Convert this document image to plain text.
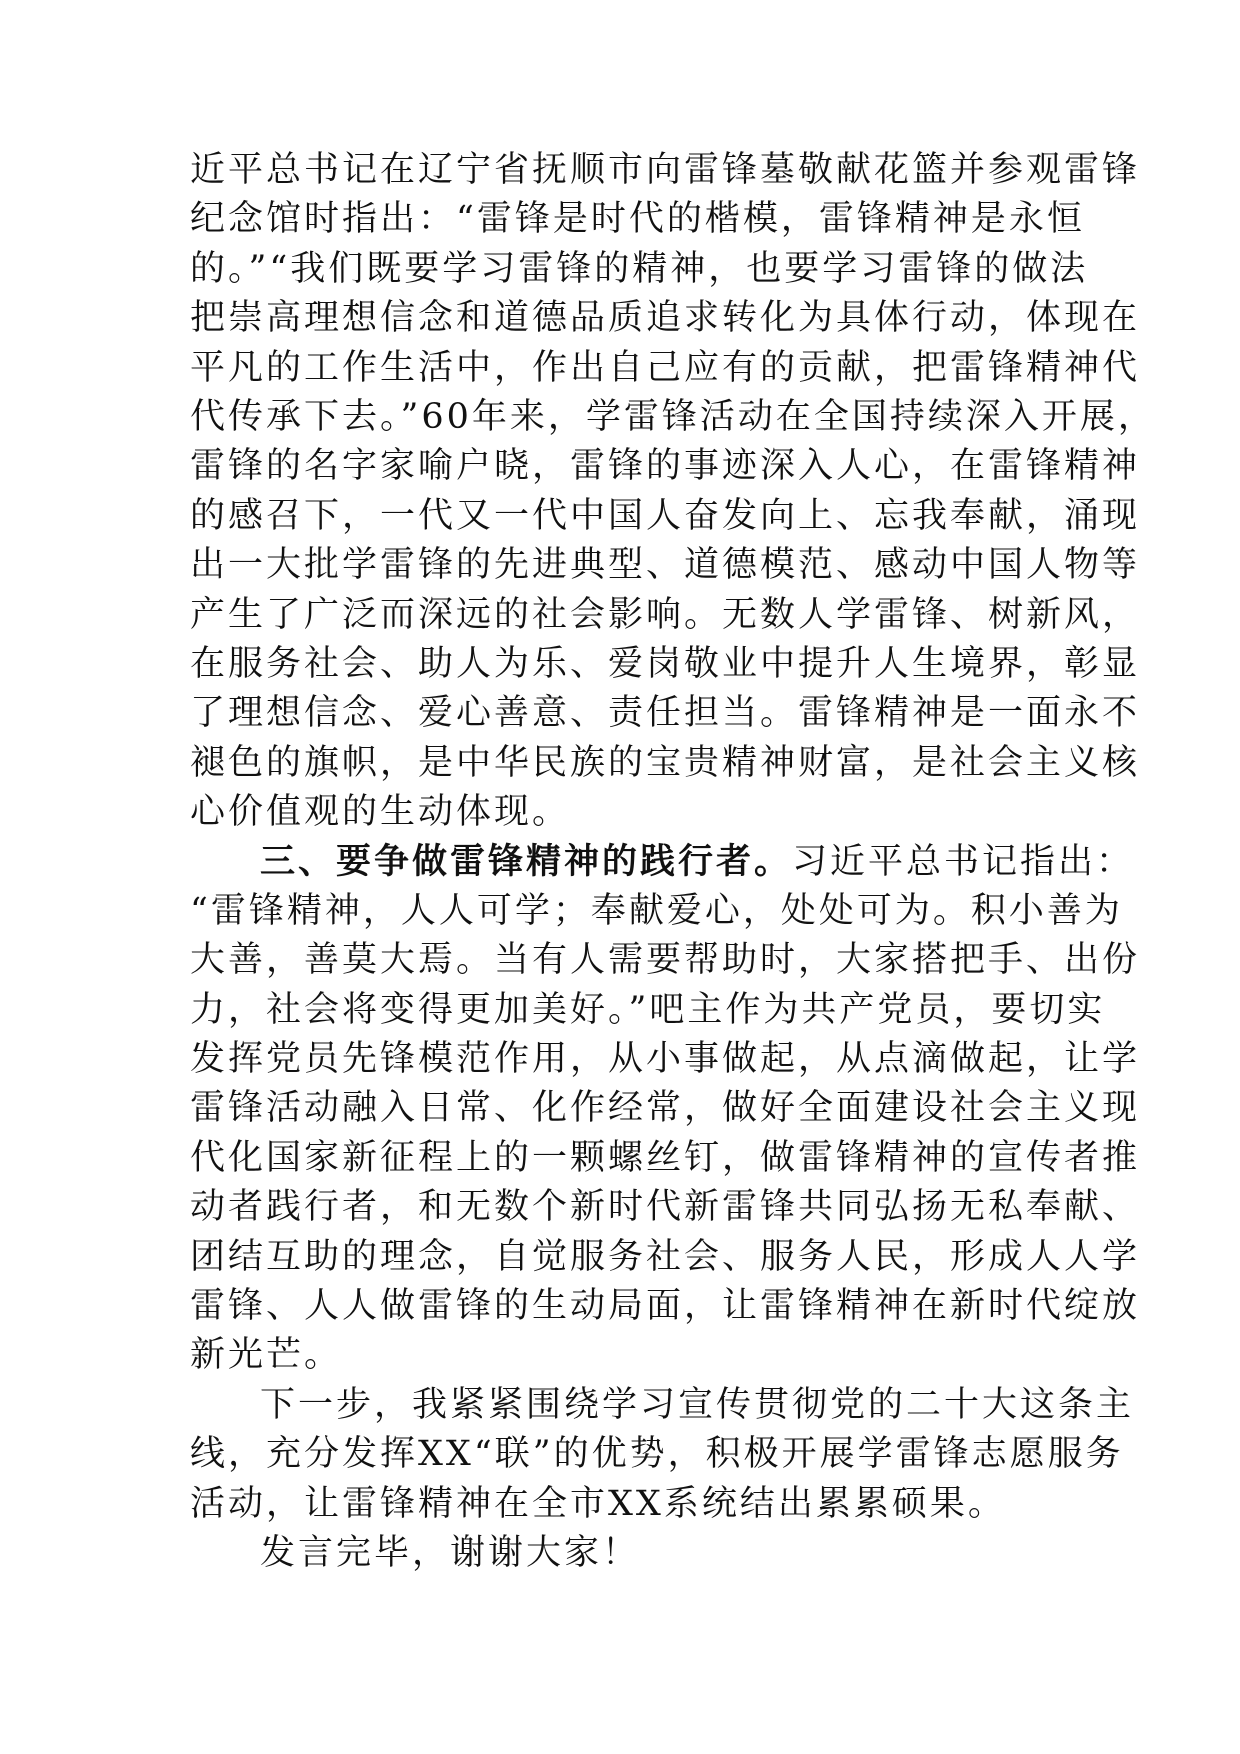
近平总书记在辽宁省抚顺市向雷锋墓敬献花篮并参观雷锋
纪念馆时指出：“雷锋是时代的楷模，雷锋精神是永恒
的。”“我们既要学习雷锋的精神，也要学习雷锋的做法
把崇高理想信念和道德品质追求转化为具体行动，体现在
平凡的工作生活中，作出自己应有的贡献，把雷锋精神代
代传承下去。”60年来，学雷锋活动在全国持续深入开展，
雷锋的名字家喻户晓，雷锋的事迹深入人心，在雷锋精神
的感召下，一代又一代中国人奋发向上、忘我奉献，涌现
出一大批学雷锋的先进典型、道德模范、感动中国人物等
产生了广泛而深远的社会影响。无数人学雷锋、树新风，
在服务社会、助人为乐、爱岗敬业中提升人生境界，彰显
了理想信念、爱心善意、责任担当。雷锋精神是一面永不
褪色的旗帜，是中华民族的宝贵精神财富，是社会主义核
心价值观的生动体现。
三、要争做雷锋精神的践行者。习近平总书记指出：
“雷锋精神，人人可学；奉献爱心，处处可为。积小善为
大善，善莫大焉。当有人需要帮助时，大家搭把手、出份
力，社会将变得更加美好。”吧主作为共产党员，要切实
发挥党员先锋模范作用，从小事做起，从点滴做起，让学
雷锋活动融入日常、化作经常，做好全面建设社会主义现
代化国家新征程上的一颗螺丝钉，做雷锋精神的宣传者推
动者践行者，和无数个新时代新雷锋共同弘扬无私奉献、
团结互助的理念，自觉服务社会、服务人民，形成人人学
雷锋、人人做雷锋的生动局面，让雷锋精神在新时代绽放
新光芒。
下一步，我紧紧围绕学习宣传贯彻党的二十大这条主
线，充分发挥XX“联”的优势，积极开展学雷锋志愿服务
活动，让雷锋精神在全市XX系统结出累累硕果。
发言完毕，谢谢大家！
